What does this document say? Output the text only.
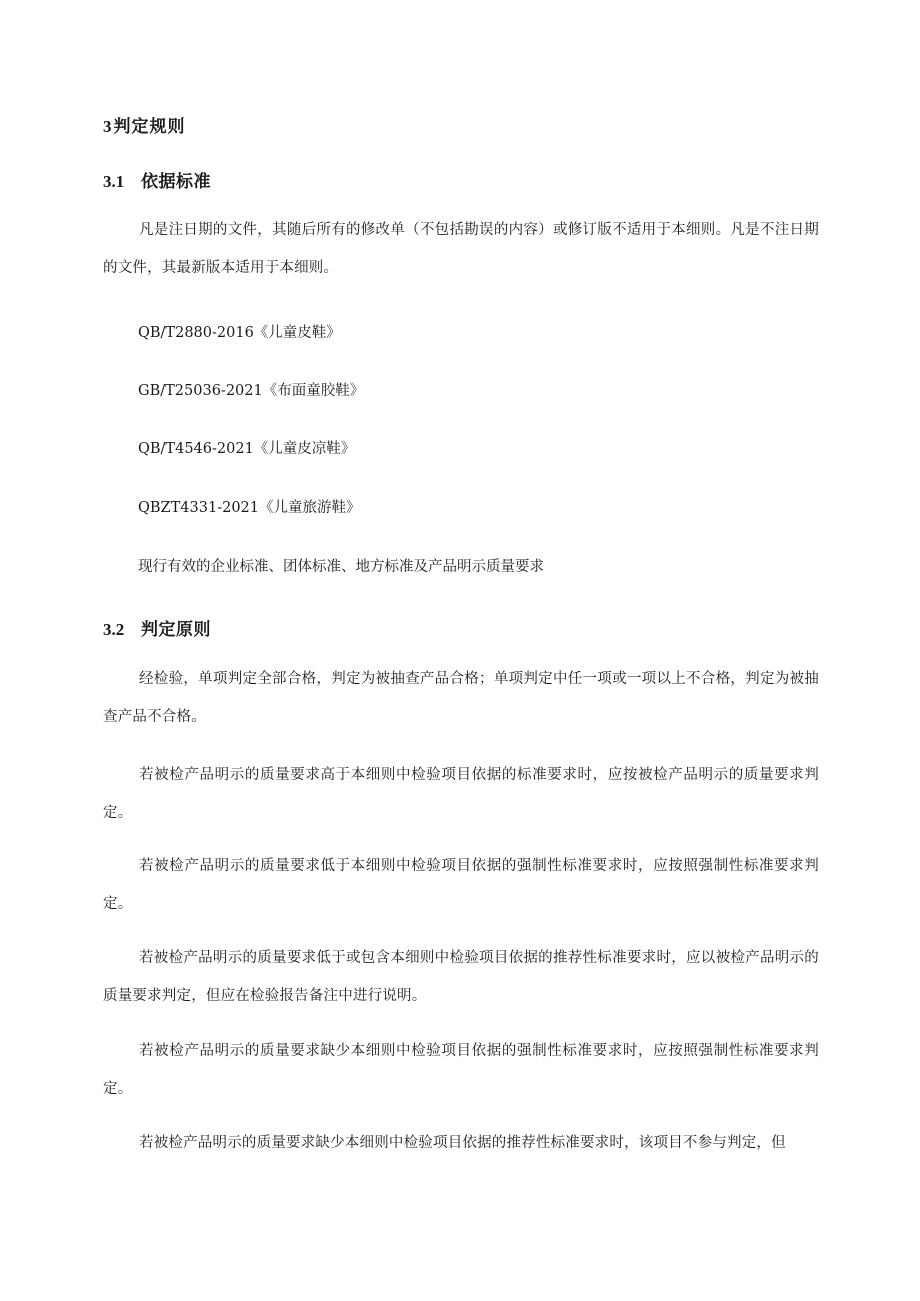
3 判定规则
3.1 依据标准

凡是注日期的文件，其随后所有的修改单（不包括勘误的内容）或修订版不适用于本细则。凡是不注日期的文件，其最新版本适用于本细则。

QB/T2880-2016《儿童皮鞋》
GB/T25036-2021《布面童胶鞋》
QB/T4546-2021《儿童皮凉鞋》
QBZT4331-2021《儿童旅游鞋》
现行有效的企业标准、团体标准、地方标准及产品明示质量要求
3.2 判定原则

经检验，单项判定全部合格，判定为被抽查产品合格；单项判定中任一项或一项以上不合格，判定为被抽查产品不合格。

若被检产品明示的质量要求高于本细则中检验项目依据的标准要求时，应按被检产品明示的质量要求判定。

若被检产品明示的质量要求低于本细则中检验项目依据的强制性标准要求时，应按照强制性标准要求判定。

若被检产品明示的质量要求低于或包含本细则中检验项目依据的推荐性标准要求时，应以被检产品明示的质量要求判定，但应在检验报告备注中进行说明。

若被检产品明示的质量要求缺少本细则中检验项目依据的强制性标准要求时，应按照强制性标准要求判定。

若被检产品明示的质量要求缺少本细则中检验项目依据的推荐性标准要求时，该项目不参与判定，但
